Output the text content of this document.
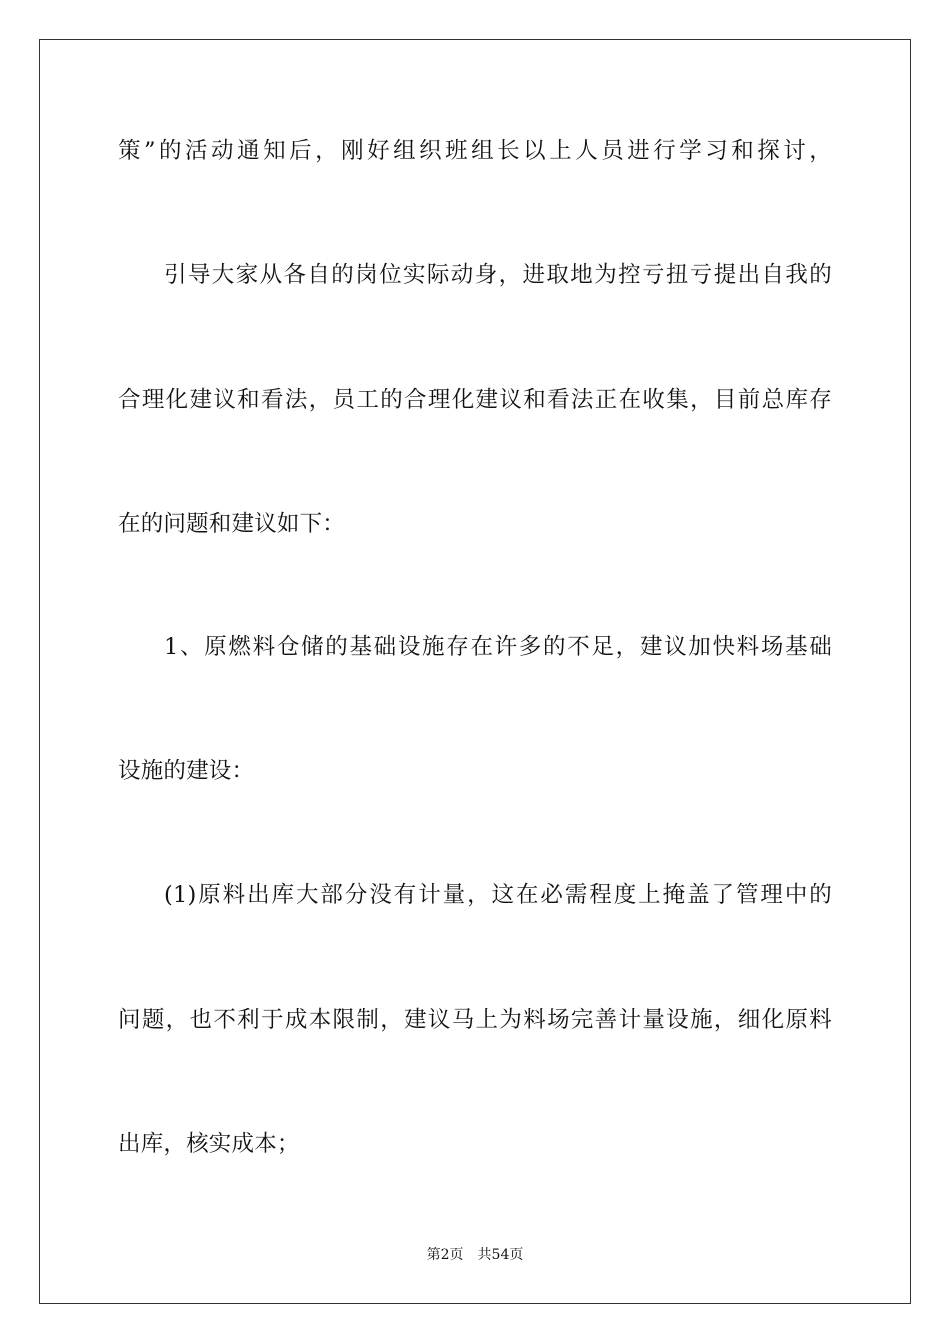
策”的活动通知后，刚好组织班组长以上人员进行学习和探讨，
引导大家从各自的岗位实际动身，进取地为控亏扭亏提出自我的
合理化建议和看法，员工的合理化建议和看法正在收集，目前总库存
在的问题和建议如下：
1、原燃料仓储的基础设施存在许多的不足，建议加快料场基础
设施的建设：
(1)原料出库大部分没有计量，这在必需程度上掩盖了管理中的
问题，也不利于成本限制，建议马上为料场完善计量设施，细化原料
出库，核实成本；
第2页 共54页
